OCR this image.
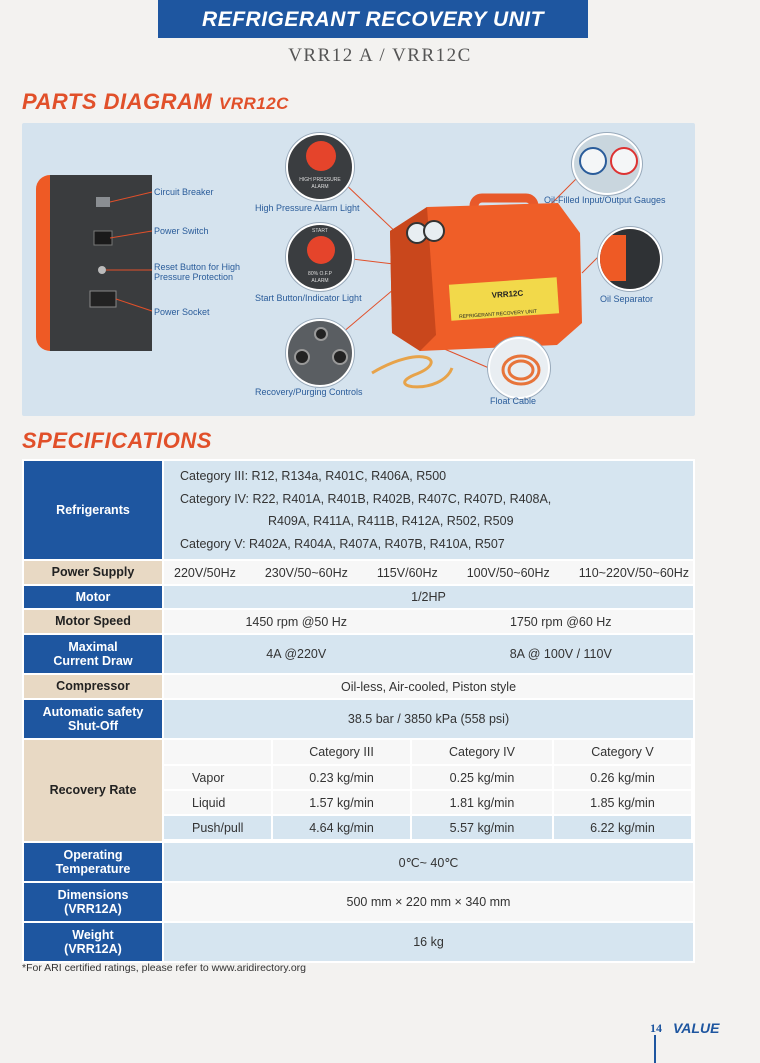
REFRIGERANT RECOVERY UNIT
VRR12 A / VRR12C
PARTS DIAGRAM VRR12C
VRR12C
REFRIGERANT RECOVERY UNIT
HIGH PRESSURE
ALARM
START
80% O.F.P
ALARM
Circuit Breaker
Power Switch
Reset Button for High
Pressure Protection
Power Socket
High Pressure Alarm Light
Start Button/Indicator Light
Recovery/Purging Controls
Oil-Filled Input/Output Gauges
Oil Separator
Float Cable
SPECIFICATIONS
Refrigerants	
Category III: R12, R134a, R401C, R406A, R500
Category IV: R22, R401A, R401B, R402B, R407C, R407D, R408A,
R409A, R411A, R411B, R412A, R502, R509
Category V: R402A, R404A, R407A, R407B, R410A, R507

Power Supply	220V/50Hz 230V/50~60Hz 115V/60Hz 100V/50~60Hz 110~220V/50~60Hz

Motor	1/2HP
Motor Speed	1450 rpm @50 Hz	1750 rpm @60 Hz

Maximal
Current Draw	4A @220V	8A @ 100V / 110V

Compressor	Oil-less, Air-cooled, Piston style

Automatic safety
Shut-Off	38.5 bar / 3850 kPa (558 psi)
Recovery Rate	
	Category III	Category IV	Category V
Vapor	0.23 kg/min	0.25 kg/min	0.26 kg/min
Liquid	1.57 kg/min	1.81 kg/min	1.85 kg/min
Push/pull	4.64 kg/min	5.57 kg/min	6.22 kg/min

Operating
Temperature	0℃~ 40℃

Dimensions
(VRR12A)	500 mm × 220 mm × 340 mm

Weight
(VRR12A)	16 kg
*For ARI certified ratings, please refer to www.aridirectory.org
14 VALUE
